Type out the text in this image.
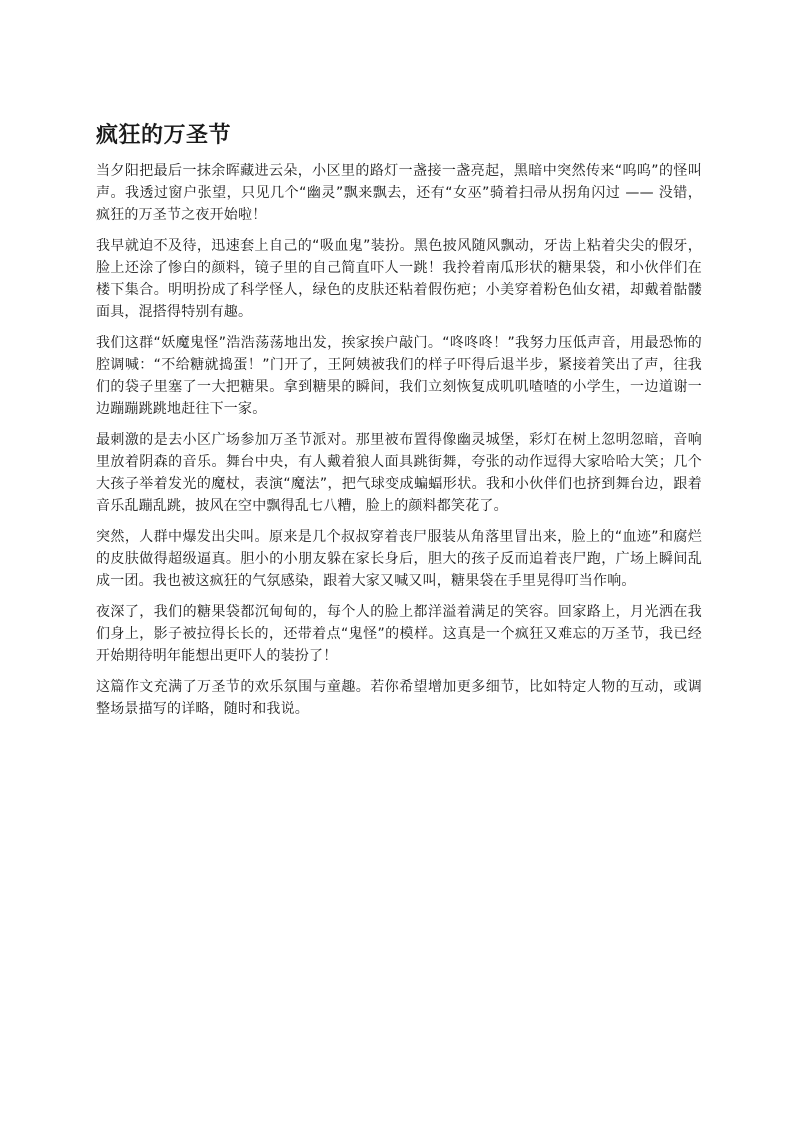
疯狂的万圣节

当夕阳把最后一抹余晖藏进云朵，小区里的路灯一盏接一盏亮起，黑暗中突然传来“呜呜”的怪叫声。我透过窗户张望，只见几个“幽灵”飘来飘去，还有“女巫”骑着扫帚从拐角闪过 —— 没错，疯狂的万圣节之夜开始啦！

我早就迫不及待，迅速套上自己的“吸血鬼”装扮。黑色披风随风飘动，牙齿上粘着尖尖的假牙，脸上还涂了惨白的颜料，镜子里的自己简直吓人一跳！我拎着南瓜形状的糖果袋，和小伙伴们在楼下集合。明明扮成了科学怪人，绿色的皮肤还粘着假伤疤；小美穿着粉色仙女裙，却戴着骷髅面具，混搭得特别有趣。

我们这群“妖魔鬼怪”浩浩荡荡地出发，挨家挨户敲门。“咚咚咚！”我努力压低声音，用最恐怖的腔调喊：“不给糖就捣蛋！”门开了，王阿姨被我们的样子吓得后退半步，紧接着笑出了声，往我们的袋子里塞了一大把糖果。拿到糖果的瞬间，我们立刻恢复成叽叽喳喳的小学生，一边道谢一边蹦蹦跳跳地赶往下一家。

最刺激的是去小区广场参加万圣节派对。那里被布置得像幽灵城堡，彩灯在树上忽明忽暗，音响里放着阴森的音乐。舞台中央，有人戴着狼人面具跳街舞，夸张的动作逗得大家哈哈大笑；几个大孩子举着发光的魔杖，表演“魔法”，把气球变成蝙蝠形状。我和小伙伴们也挤到舞台边，跟着音乐乱蹦乱跳，披风在空中飘得乱七八糟，脸上的颜料都笑花了。

突然，人群中爆发出尖叫。原来是几个叔叔穿着丧尸服装从角落里冒出来，脸上的“血迹”和腐烂的皮肤做得超级逼真。胆小的小朋友躲在家长身后，胆大的孩子反而追着丧尸跑，广场上瞬间乱成一团。我也被这疯狂的气氛感染，跟着大家又喊又叫，糖果袋在手里晃得叮当作响。

夜深了，我们的糖果袋都沉甸甸的，每个人的脸上都洋溢着满足的笑容。回家路上，月光洒在我们身上，影子被拉得长长的，还带着点“鬼怪”的模样。这真是一个疯狂又难忘的万圣节，我已经开始期待明年能想出更吓人的装扮了！

这篇作文充满了万圣节的欢乐氛围与童趣。若你希望增加更多细节，比如特定人物的互动，或调整场景描写的详略，随时和我说。
